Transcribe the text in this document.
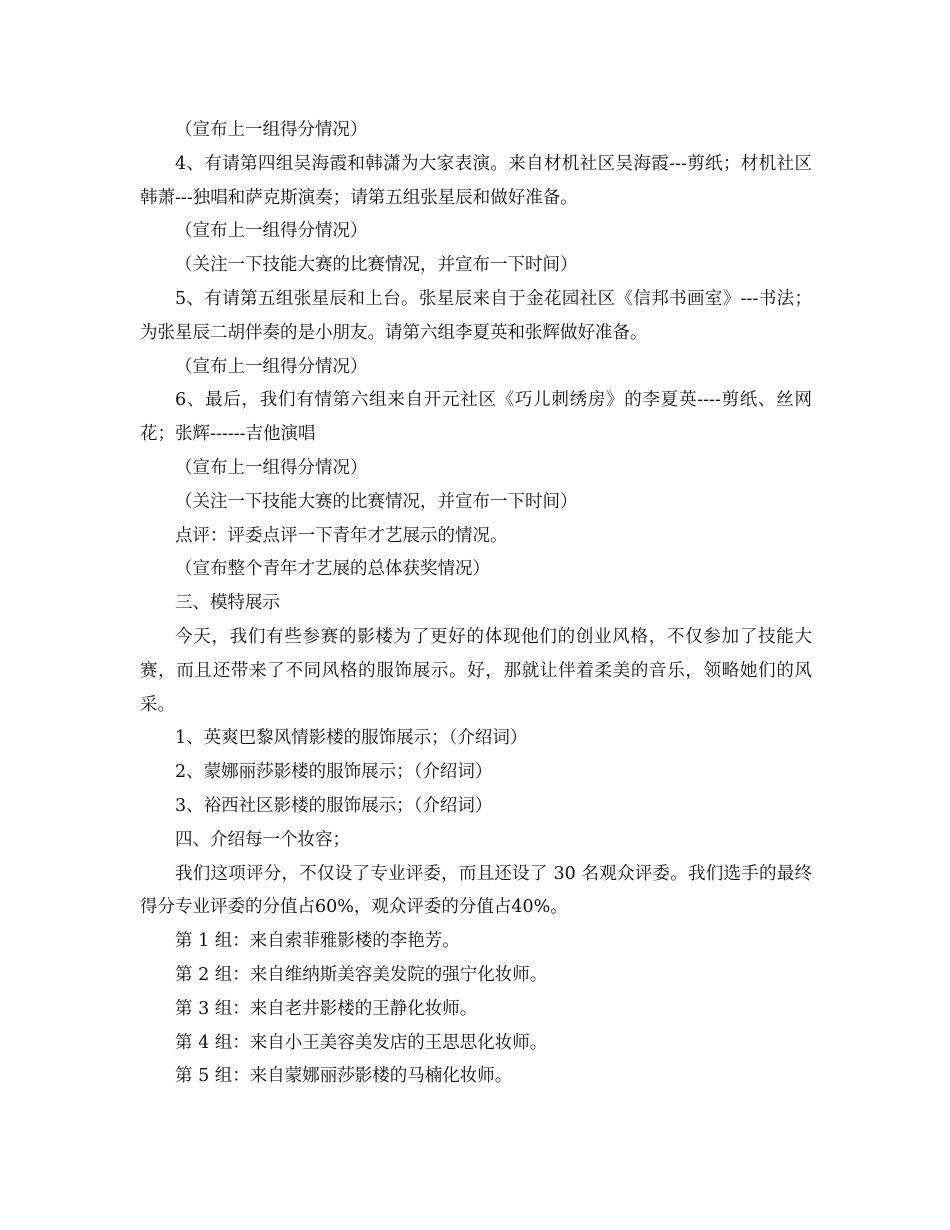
（宣布上一组得分情况）

4、有请第四组吴海霞和韩潇为大家表演。来自材机社区吴海霞---剪纸；材机社区韩萧---独唱和萨克斯演奏；请第五组张星辰和做好准备。

（宣布上一组得分情况）

（关注一下技能大赛的比赛情况，并宣布一下时间）

5、有请第五组张星辰和上台。张星辰来自于金花园社区《信邦书画室》---书法；为张星辰二胡伴奏的是小朋友。请第六组李夏英和张辉做好准备。

（宣布上一组得分情况）

6、最后，我们有情第六组来自开元社区《巧儿刺绣房》的李夏英----剪纸、丝网花；张辉------吉他演唱

（宣布上一组得分情况）

（关注一下技能大赛的比赛情况，并宣布一下时间）

点评：评委点评一下青年才艺展示的情况。

（宣布整个青年才艺展的总体获奖情况）

三、模特展示

今天，我们有些参赛的影楼为了更好的体现他们的创业风格，不仅参加了技能大赛，而且还带来了不同风格的服饰展示。好，那就让伴着柔美的音乐，领略她们的风采。

1、英爽巴黎风情影楼的服饰展示；（介绍词）

2、蒙娜丽莎影楼的服饰展示；（介绍词）

3、裕西社区影楼的服饰展示；（介绍词）

四、介绍每一个妆容；

我们这项评分，不仅设了专业评委，而且还设了 30 名观众评委。我们选手的最终得分专业评委的分值占60%，观众评委的分值占40%。

第 1 组：来自索菲雅影楼的李艳芳。

第 2 组：来自维纳斯美容美发院的强宁化妆师。

第 3 组：来自老井影楼的王静化妆师。

第 4 组：来自小王美容美发店的王思思化妆师。

第 5 组：来自蒙娜丽莎影楼的马楠化妆师。
